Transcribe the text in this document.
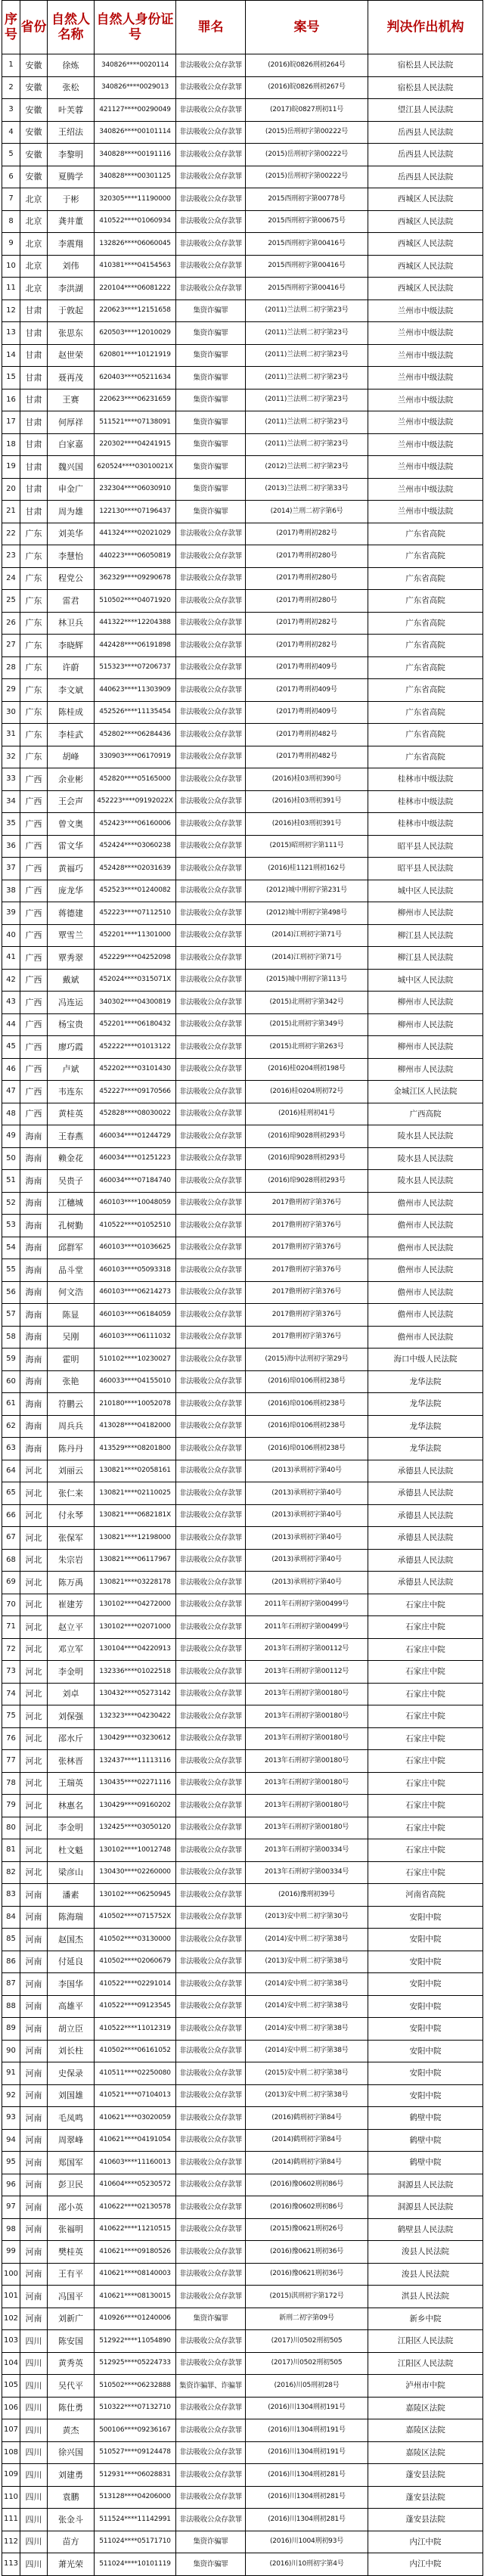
序号	省份	自然人名称	自然人身份证号	罪名	案号	判决作出机构
1	安徽	徐炼	340826****0020114	非法吸收公众存款罪	(2016)皖0826刑初264号	宿松县人民法院
2	安徽	张松	340826****0029013	非法吸收公众存款罪	(2016)皖0826刑初267号	宿松县人民法院
3	安徽	叶芙蓉	421127****00290049	非法吸收公众存款罪	(2017)皖0827刑初11号	望江县人民法院
4	安徽	王绍法	340826****00101114	非法吸收公众存款罪	(2015)岳刑初字第00222号	岳西县人民法院
5	安徽	李黎明	340828****00191116	非法吸收公众存款罪	(2015)岳刑初字第00222号	岳西县人民法院
6	安徽	夏腾学	340828****00301125	非法吸收公众存款罪	(2015)岳刑初字第00222号	岳西县人民法院
7	北京	于彬	320305****11190000	非法吸收公众存款罪	2015西刑初字第00778号	西城区人民法院
8	北京	龚井董	410522****01060934	非法吸收公众存款罪	2015西刑初字第00675号	西城区人民法院
9	北京	李震翔	132826****06060045	非法吸收公众存款罪	2015西刑初字第00416号	西城区人民法院
10	北京	刘伟	410381****04154563	非法吸收公众存款罪	2015西刑初字第00416号	西城区人民法院
11	北京	李洪湖	220104****06081222	非法吸收公众存款罪	2015西刑初字第00416号	西城区人民法院
12	甘肃	于敦起	220623****12151658	集资诈骗罪	(2011)兰法刑二初字第23号	兰州市中级法院
13	甘肃	张思东	620503****12010029	集资诈骗罪	(2011)兰法刑二初字第23号	兰州市中级法院
14	甘肃	赵世荣	620801****10121919	集资诈骗罪	(2011)兰法刑二初字第23号	兰州市中级法院
15	甘肃	聂再茂	620403****05211634	集资诈骗罪	(2011)兰法刑二初字第23号	兰州市中级法院
16	甘肃	王赛	220623****06231659	集资诈骗罪	(2011)兰法刑二初字第23号	兰州市中级法院
17	甘肃	何厚祥	511521****07138091	集资诈骗罪	(2011)兰法刑二初字第23号	兰州市中级法院
18	甘肃	白家嘉	220302****04241915	集资诈骗罪	(2011)兰法刑二初字第23号	兰州市中级法院
19	甘肃	魏兴国	620524****03010021X	集资诈骗罪	(2012)兰法刑二初字第23号	兰州市中级法院
20	甘肃	申金广	232304****06030910	集资诈骗罪	(2013)兰法刑二初字第33号	兰州市中级法院
21	甘肃	周为雄	122130****07196437	集资诈骗罪	(2014)兰刑二初字第6号	兰州市中级法院
22	广东	刘美华	441324****02021029	非法吸收公众存款罪	(2017)粤刑初282号	广东省高院
23	广东	李慧怡	440223****06050819	非法吸收公众存款罪	(2017)粤刑初280号	广东省高院
24	广东	程党公	362329****09290678	非法吸收公众存款罪	(2017)粤刑初280号	广东省高院
25	广东	雷君	510502****04071920	非法吸收公众存款罪	(2017)粤刑初280号	广东省高院
26	广东	林卫兵	441322****12204388	非法吸收公众存款罪	(2017)粤刑初282号	广东省高院
27	广东	李晓辉	442428****06191898	非法吸收公众存款罪	(2017)粤刑初282号	广东省高院
28	广东	许蔚	515323****07206737	非法吸收公众存款罪	(2017)粤刑初409号	广东省高院
29	广东	李文斌	440623****11303909	非法吸收公众存款罪	(2017)粤刑初409号	广东省高院
30	广东	陈桂成	452526****11135454	非法吸收公众存款罪	(2017)粤刑初409号	广东省高院
31	广东	李桂武	452802****06284436	非法吸收公众存款罪	(2017)粤刑初482号	广东省高院
32	广东	胡峰	330903****06170919	非法吸收公众存款罪	(2017)粤刑初482号	广东省高院
33	广西	余业彬	452820****05165000	非法吸收公众存款罪	(2016)桂03刑初390号	桂林市中级法院
34	广西	王会声	452223****09192022X	非法吸收公众存款罪	(2016)桂03刑初391号	桂林市中级法院
35	广西	曾文奥	452423****06160006	非法吸收公众存款罪	(2016)桂03刑初391号	桂林市中级法院
36	广西	雷文华	452424****03060238	非法吸收公众存款罪	(2015)昭刑初字第111号	昭平县人民法院
37	广西	黄福巧	452428****02031639	非法吸收公众存款罪	(2016)桂1121刑初162号	昭平县人民法院
38	广西	庞龙华	452523****01240082	非法吸收公众存款罪	(2012)城中刑初字第231号	城中区人民法院
39	广西	蒋德建	452223****07112510	非法吸收公众存款罪	(2012)城中刑初字第498号	柳州市人民法院
40	广西	覃雪兰	452201****11301000	非法吸收公众存款罪	(2014)江刑初字第71号	柳江县人民法院
41	广西	覃秀翠	452229****04252098	非法吸收公众存款罪	(2014)江刑初字第71号	柳江县人民法院
42	广西	戴斌	452024****0315071X	非法吸收公众存款罪	(2015)城中刑初字第113号	城中区人民法院
43	广西	冯连运	340302****04300819	非法吸收公众存款罪	(2015)北刑初字第342号	柳州市人民法院
44	广西	杨宝贵	452201****06180432	非法吸收公众存款罪	(2015)北刑初字第349号	柳州市人民法院
45	广西	廖巧霞	452222****01013122	非法吸收公众存款罪	(2015)北刑初字第263号	柳州市人民法院
46	广西	卢斌	452202****03101430	非法吸收公众存款罪	(2016)桂0204刑初198号	柳州市人民法院
47	广西	韦连东	452227****09170566	非法吸收公众存款罪	(2016)桂0204刑初72号	金城江区人民法院
48	广西	黄桂英	452828****08030022	非法吸收公众存款罪	(2016)桂刑初41号	广西高院
49	海南	王春燕	460034****01244729	非法吸收公众存款罪	(2016)琼9028刑初293号	陵水县人民法院
50	海南	赖金花	460034****01251223	非法吸收公众存款罪	(2016)琼9028刑初293号	陵水县人民法院
51	海南	吴贵子	460034****07184740	非法吸收公众存款罪	(2016)琼9028刑初293号	陵水县人民法院
52	海南	江穗城	460103****10048059	非法吸收公众存款罪	2017儋刑初字第376号	儋州市人民法院
53	海南	孔树勤	410522****01052510	非法吸收公众存款罪	2017儋刑初字第376号	儋州市人民法院
54	海南	邱群军	460103****01036625	非法吸收公众存款罪	2017儋刑初字第376号	儋州市人民法院
55	海南	品斗堂	460103****05093318	非法吸收公众存款罪	2017儋刑初字第376号	儋州市人民法院
56	海南	何文浩	460103****06214273	非法吸收公众存款罪	2017儋刑初字第376号	儋州市人民法院
57	海南	陈显	460103****06184059	非法吸收公众存款罪	2017儋刑初字第376号	儋州市人民法院
58	海南	吴刚	460103****06111032	非法吸收公众存款罪	2017儋刑初字第376号	儋州市人民法院
59	海南	霍明	510102****10230027	非法吸收公众存款罪	(2015)海中法刑初字第29号	海口中级人民法院
60	海南	张艳	460033****04155010	非法吸收公众存款罪	(2016)琼0106刑初238号	龙华法院
61	海南	符鹏云	210180****10052078	非法吸收公众存款罪	(2016)琼0106刑初238号	龙华法院
62	海南	周兵兵	413028****04182000	非法吸收公众存款罪	(2016)琼0106刑初238号	龙华法院
63	海南	陈丹丹	413529****08201800	非法吸收公众存款罪	(2016)琼0106刑初238号	龙华法院
64	河北	刘丽云	130821****02058161	非法吸收公众存款罪	(2013)承刑初字第40号	承德县人民法院
65	河北	张仁来	130821****02110025	非法吸收公众存款罪	(2013)承刑初字第40号	承德县人民法院
66	河北	付永琴	130821****0682181X	非法吸收公众存款罪	(2013)承刑初字第40号	承德县人民法院
67	河北	张保军	130821****12198000	非法吸收公众存款罪	(2013)承刑初字第40号	承德县人民法院
68	河北	朱宗岩	130821****06117967	非法吸收公众存款罪	(2013)承刑初字第40号	承德县人民法院
69	河北	陈万禹	130821****03228178	非法吸收公众存款罪	(2013)承刑初字第40号	承德县人民法院
70	河北	崔建芳	130102****04272000	非法吸收公众存款罪	2011年石刑初字第00499号	石家庄中院
71	河北	赵立平	130102****02071000	非法吸收公众存款罪	2011年石刑初字第00499号	石家庄中院
72	河北	邓立军	130104****04220913	非法吸收公众存款罪	2013年石刑初字第00112号	石家庄中院
73	河北	李金明	132336****01022518	非法吸收公众存款罪	2013年石刑初字第00112号	石家庄中院
74	河北	刘卓	130432****05273142	非法吸收公众存款罪	2013年石刑初字第00180号	石家庄中院
75	河北	刘保强	132323****04230422	非法吸收公众存款罪	2013年石刑初字第00180号	石家庄中院
76	河北	邵水斤	130429****03230612	非法吸收公众存款罪	2013年石刑初字第00180号	石家庄中院
77	河北	张林晋	132437****11113116	非法吸收公众存款罪	2013年石刑初字第00180号	石家庄中院
78	河北	王瑞英	130435****02271116	非法吸收公众存款罪	2013年石刑初字第00180号	石家庄中院
79	河北	林惠名	130429****09160202	非法吸收公众存款罪	2013年石刑初字第00180号	石家庄中院
80	河北	李金明	132425****03050120	非法吸收公众存款罪	2013年石刑初字第00180号	石家庄中院
81	河北	杜文魁	130102****10012748	非法吸收公众存款罪	2013年石刑初字第00334号	石家庄中院
82	河北	梁彦山	130430****02260000	非法吸收公众存款罪	2013年石刑初字第00334号	石家庄中院
83	河南	潘素	130102****06250945	非法吸收公众存款罪	(2016)豫刑初39号	河南省高院
84	河南	陈海瑞	410502****0715752X	非法吸收公众存款罪	(2013)安中刑二初字第30号	安阳中院
85	河南	赵国杰	410502****03130000	非法吸收公众存款罪	(2014)安中刑二初字第38号	安阳中院
86	河南	付延良	410502****02060679	非法吸收公众存款罪	(2013)安中刑二初字第38号	安阳中院
87	河南	李国华	410522****02291014	非法吸收公众存款罪	(2014)安中刑二初字第38号	安阳中院
88	河南	高雄平	410522****09123545	非法吸收公众存款罪	(2014)安中刑二初字第38号	安阳中院
89	河南	胡立臣	410522****11012319	非法吸收公众存款罪	(2014)安中刑二初字第38号	安阳中院
90	河南	刘长柱	410502****06161052	非法吸收公众存款罪	(2014)安中刑二初字第38号	安阳中院
91	河南	史保录	410511****02250080	非法吸收公众存款罪	(2015)安中刑二初字第38号	安阳中院
92	河南	刘国雄	410521****07104013	非法吸收公众存款罪	(2013)安中刑二初字第38号	安阳中院
93	河南	毛凤鸣	410621****03020059	非法吸收公众存款罪	(2016)鹤刑初字第84号	鹤壁中院
94	河南	周翠峰	410621****04191054	非法吸收公众存款罪	(2014)鹤刑初字第84号	鹤壁中院
95	河南	郑国军	410603****11160013	非法吸收公众存款罪	(2014)鹤刑初字第84号	鹤壁中院
96	河南	彭卫民	410604****05230572	非法吸收公众存款罪	(2016)豫0602刑初86号	洞源县人民法院
97	河南	邵小英	410622****02130578	非法吸收公众存款罪	(2016)豫0602刑初86号	洞源县人民法院
98	河南	张福明	410622****11210515	非法吸收公众存款罪	(2015)豫0621刑初26号	鹤壁县人民法院
99	河南	樊桂英	410621****09180526	非法吸收公众存款罪	(2016)豫0621刑初36号	浚县人民法院
100	河南	王有平	410621****08140003	非法吸收公众存款罪	(2016)豫0621刑初36号	浚县人民法院
101	河南	冯国平	410621****08130015	非法吸收公众存款罪	(2015)淇刑初字第172号	淇县人民法院
102	河南	刘新广	410926****01240006	集资诈骗罪	新刑二初字第09号	新乡中院
103	四川	陈安国	512922****11054890	非法吸收公众存款罪	(2017)川0502刑初505	江阳区人民法院
104	四川	黄秀英	512925****05224733	非法吸收公众存款罪	(2017)川0502刑初505	江阳区人民法院
105	四川	吴代平	510502****06232888	集资诈骗罪、诈骗罪	(2016)川05刑初28号	泸州市中院
106	四川	陈仕勇	510322****07132710	非法吸收公众存款罪	(2016)川1304刑初191号	嘉陵区法院
107	四川	黄杰	500106****09236167	非法吸收公众存款罪	(2016)川1304刑初191号	嘉陵区法院
108	四川	徐兴国	510527****09124478	非法吸收公众存款罪	(2016)川1304刑初191号	嘉陵区法院
109	四川	刘建勇	512931****06028831	非法吸收公众存款罪	(2016)川1304刑初281号	蓬安县法院
110	四川	袁鹏	513128****04206000	非法吸收公众存款罪	(2016)川1304刑初281号	蓬安县法院
111	四川	张金斗	511524****11142991	非法吸收公众存款罪	(2016)川1304刑初281号	蓬安县法院
112	四川	苗方	511024****05171710	集资诈骗罪	(2016)川1004刑初93号	内江中院
113	四川	萧光荣	511024****10101119	集资诈骗罪	(2016)川10刑初字第4号	内江中院
